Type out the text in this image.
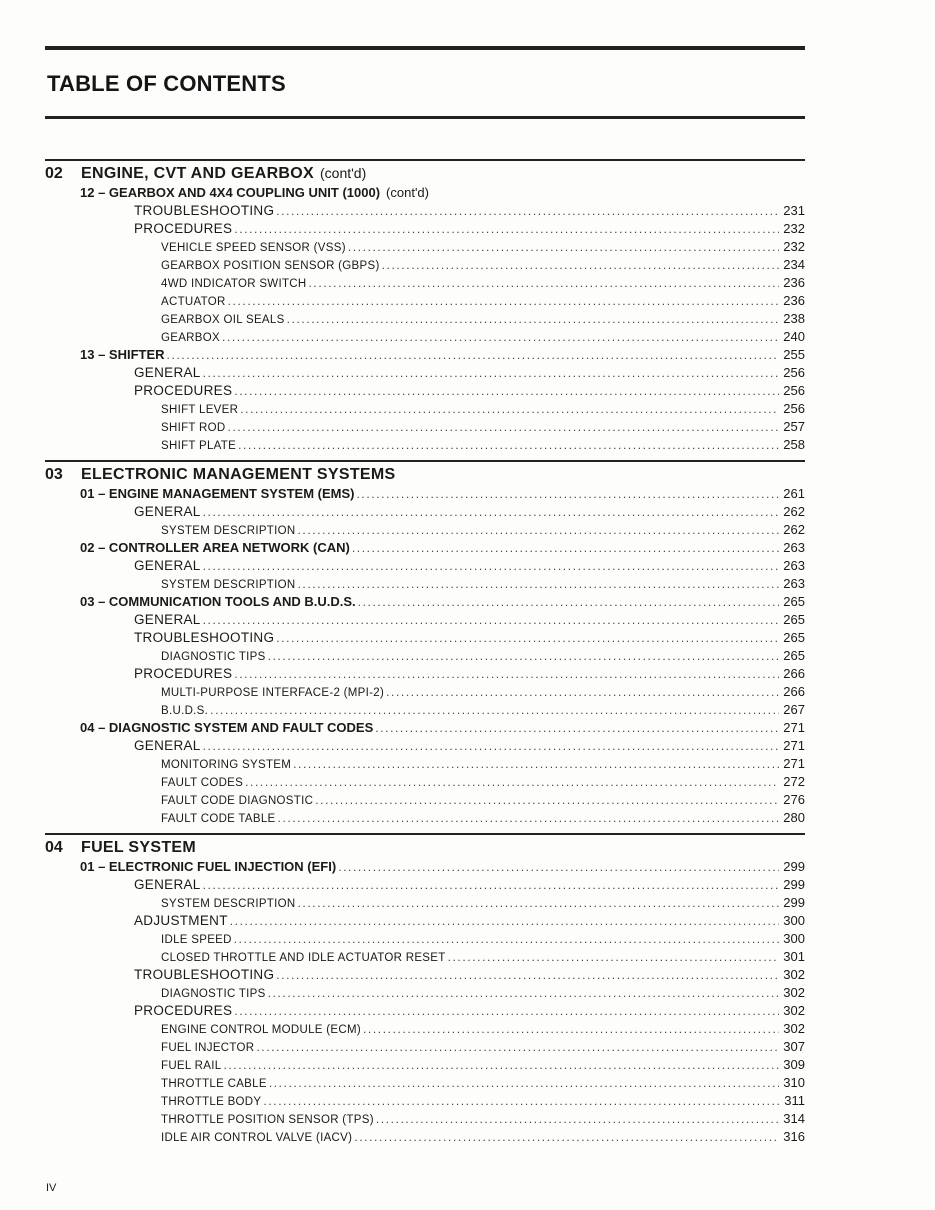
TABLE OF CONTENTS
02	ENGINE, CVT AND GEARBOX (cont'd)
12 – GEARBOX AND 4X4 COUPLING UNIT (1000) (cont'd)
TROUBLESHOOTING .....	231
PROCEDURES .....	232
VEHICLE SPEED SENSOR (VSS) .....	232
GEARBOX POSITION SENSOR (GBPS) .....	234
4WD INDICATOR SWITCH .....	236
ACTUATOR .....	236
GEARBOX OIL SEALS .....	238
GEARBOX .....	240
13 – SHIFTER .....	255
GENERAL .....	256
PROCEDURES .....	256
SHIFT LEVER .....	256
SHIFT ROD .....	257
SHIFT PLATE .....	258
03	ELECTRONIC MANAGEMENT SYSTEMS
01 – ENGINE MANAGEMENT SYSTEM (EMS) .....	261
GENERAL .....	262
SYSTEM DESCRIPTION .....	262
02 – CONTROLLER AREA NETWORK (CAN) .....	263
GENERAL .....	263
SYSTEM DESCRIPTION .....	263
03 – COMMUNICATION TOOLS AND B.U.D.S. .....	265
GENERAL .....	265
TROUBLESHOOTING .....	265
DIAGNOSTIC TIPS .....	265
PROCEDURES .....	266
MULTI-PURPOSE INTERFACE-2 (MPI-2) .....	266
B.U.D.S. .....	267
04 – DIAGNOSTIC SYSTEM AND FAULT CODES .....	271
GENERAL .....	271
MONITORING SYSTEM .....	271
FAULT CODES .....	272
FAULT CODE DIAGNOSTIC .....	276
FAULT CODE TABLE .....	280
04	FUEL SYSTEM
01 – ELECTRONIC FUEL INJECTION (EFI) .....	299
GENERAL .....	299
SYSTEM DESCRIPTION .....	299
ADJUSTMENT .....	300
IDLE SPEED .....	300
CLOSED THROTTLE AND IDLE ACTUATOR RESET .....	301
TROUBLESHOOTING .....	302
DIAGNOSTIC TIPS .....	302
PROCEDURES .....	302
ENGINE CONTROL MODULE (ECM) .....	302
FUEL INJECTOR .....	307
FUEL RAIL .....	309
THROTTLE CABLE .....	310
THROTTLE BODY .....	311
THROTTLE POSITION SENSOR (TPS) .....	314
IDLE AIR CONTROL VALVE (IACV) .....	316
IV
